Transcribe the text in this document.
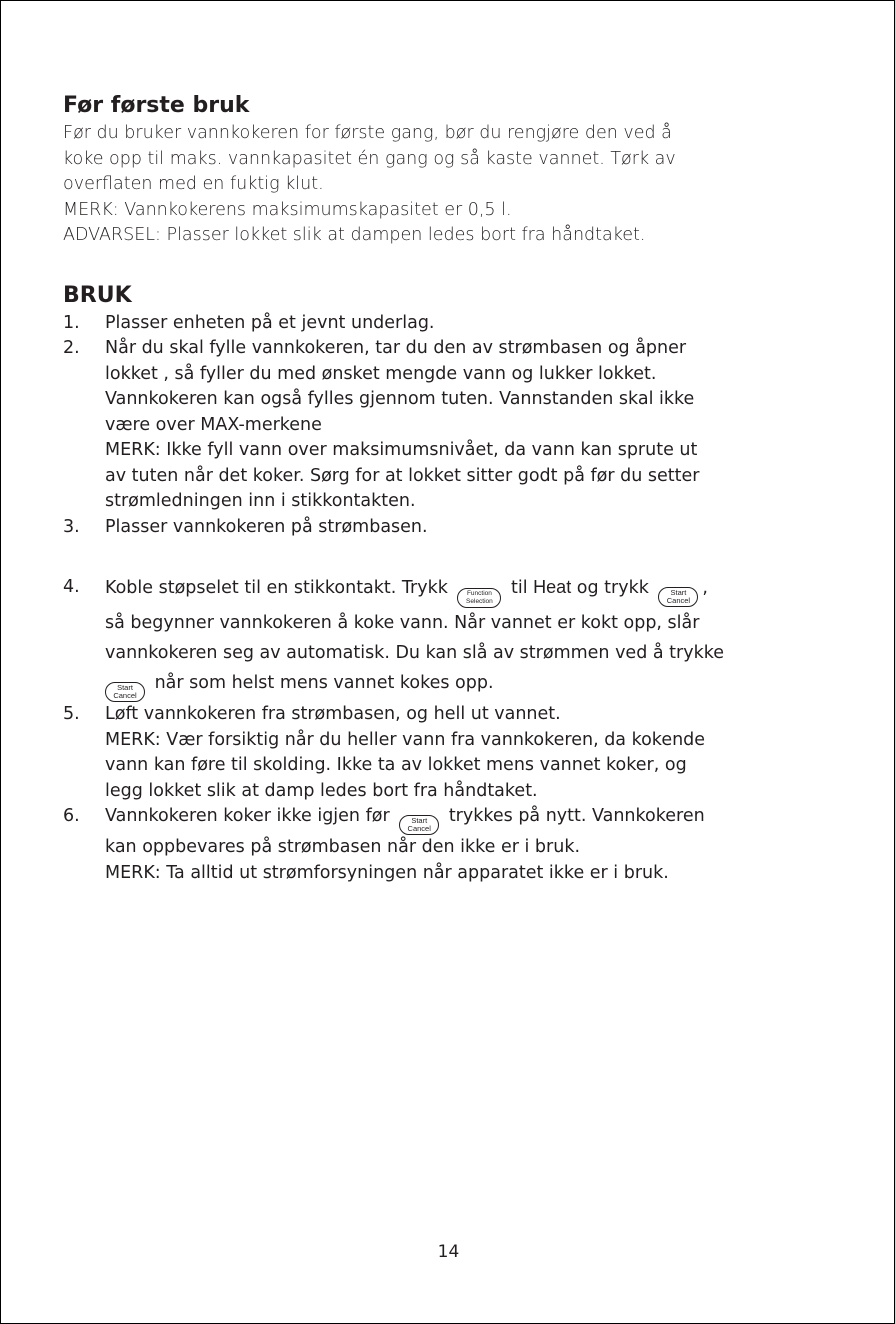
Før første bruk

Før du bruker vannkokeren for første gang, bør du rengjøre den ved å

koke opp til maks. vannkapasitet én gang og så kaste vannet. Tørk av

overflaten med en fuktig klut.

MERK: Vannkokerens maksimumskapasitet er 0,5 l.

ADVARSEL: Plasser lokket slik at dampen ledes bort fra håndtaket.

BRUK
1. Plasser enheten på et jevnt underlag.

2. Når du skal fylle vannkokeren, tar du den av strømbasen og åpner

lokket , så fyller du med ønsket mengde vann og lukker lokket.

Vannkokeren kan også fylles gjennom tuten. Vannstanden skal ikke

være over MAX-merkene

MERK: Ikke fyll vann over maksimumsnivået, da vann kan sprute ut

av tuten når det koker. Sørg for at lokket sitter godt på før du setter

strømledningen inn i stikkontakten.

3. Plasser vannkokeren på strømbasen.

4. Koble støpselet til en stikkontakt. Trykk	Function
Selection
til Heat og trykk	Start
Cancel
,

så begynner vannkokeren å koke vann. Når vannet er kokt opp, slår

vannkokeren seg av automatisk. Du kan slå av strømmen ved å trykke

Start
Cancel
når som helst mens vannet kokes opp.

5. Løft vannkokeren fra strømbasen, og hell ut vannet.

MERK: Vær forsiktig når du heller vann fra vannkokeren, da kokende

vann kan føre til skolding. Ikke ta av lokket mens vannet koker, og

legg lokket slik at damp ledes bort fra håndtaket.

6. Vannkokeren koker ikke igjen før	Start
Cancel
trykkes på nytt. Vannkokeren

kan oppbevares på strømbasen når den ikke er i bruk.

MERK: Ta alltid ut strømforsyningen når apparatet ikke er i bruk.

14
